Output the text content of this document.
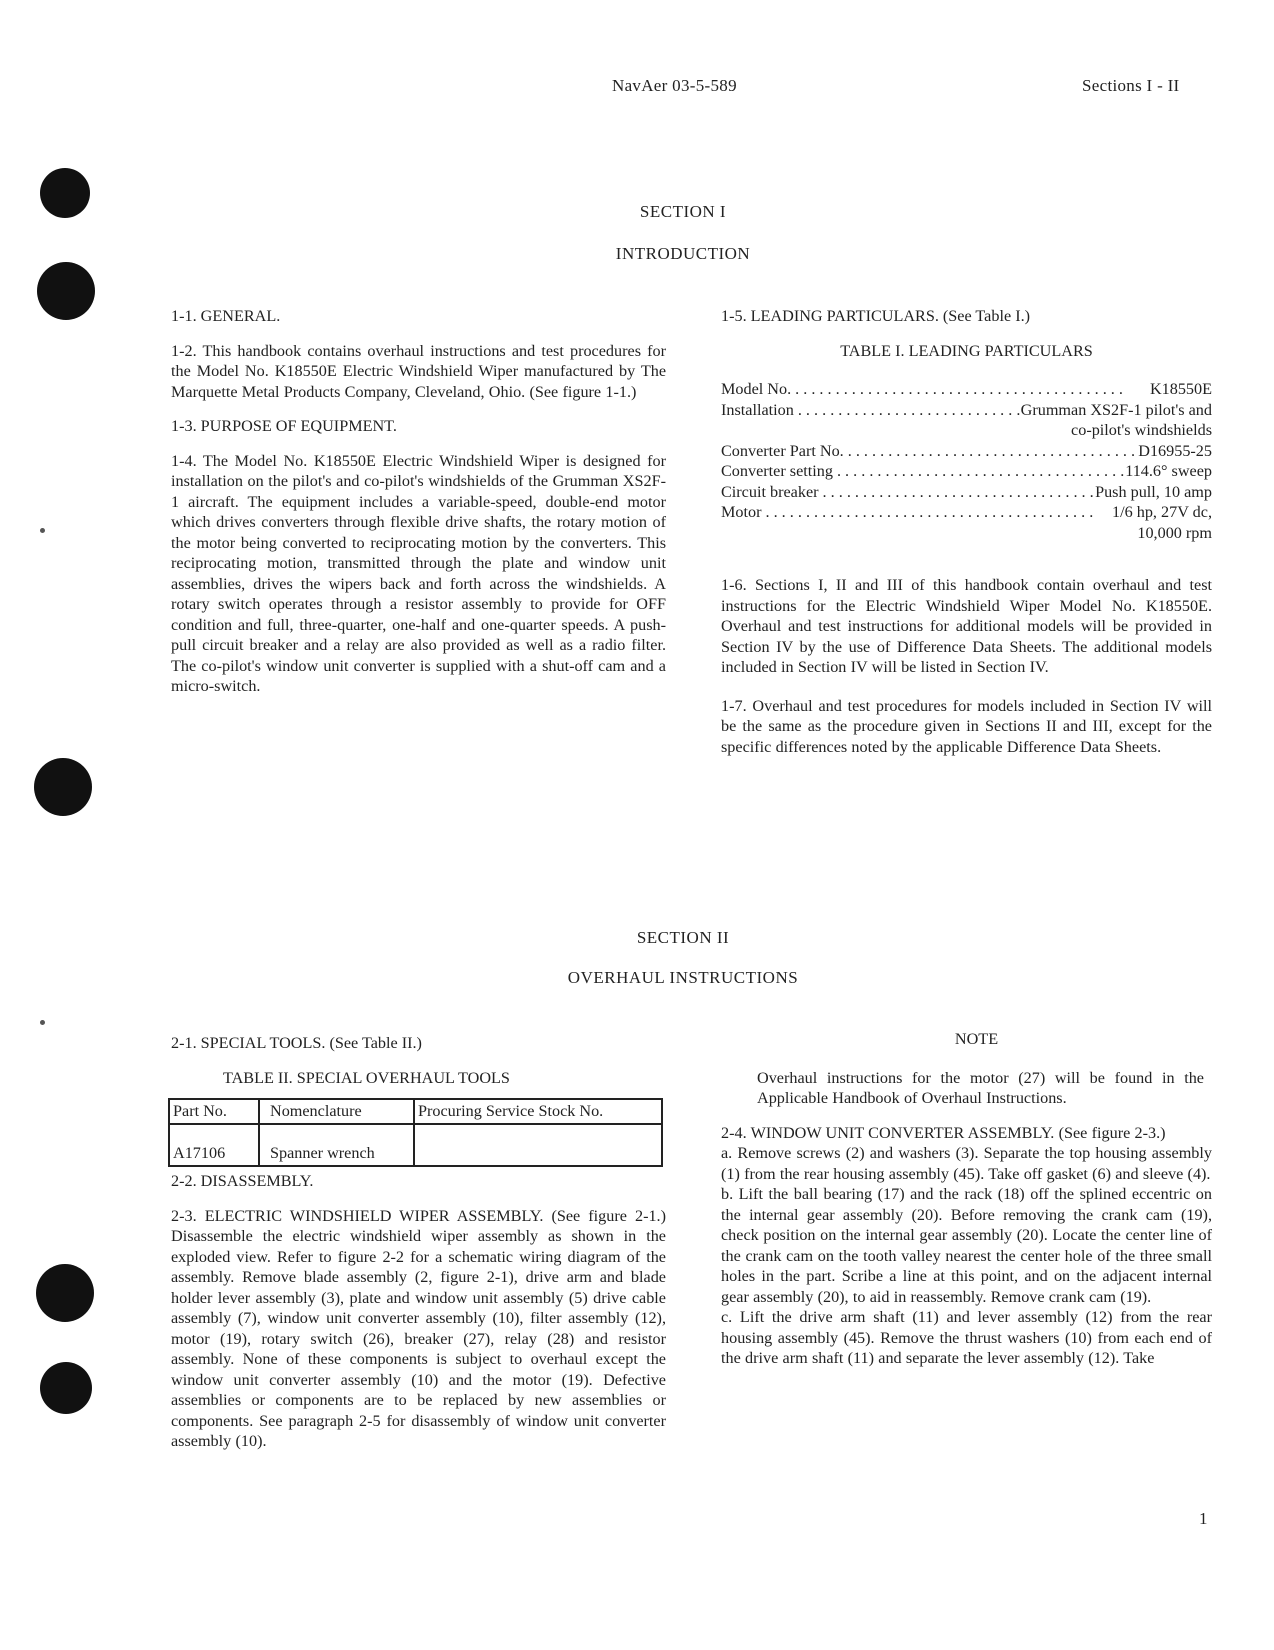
NavAer 03-5-589	Sections I - II
SECTION I
INTRODUCTION
1-1. GENERAL.

1-2. This handbook contains overhaul instructions and test procedures for the Model No. K18550E Electric Windshield Wiper manufactured by The Marquette Metal Products Company, Cleveland, Ohio. (See figure 1-1.)

1-3. PURPOSE OF EQUIPMENT.

1-4. The Model No. K18550E Electric Windshield Wiper is designed for installation on the pilot's and co-pilot's windshields of the Grumman XS2F-1 aircraft. The equipment includes a variable-speed, double-end motor which drives converters through flexible drive shafts, the rotary motion of the motor being converted to reciprocating motion by the converters. This reciprocating motion, transmitted through the plate and window unit assemblies, drives the wipers back and forth across the windshields. A rotary switch operates through a resistor assembly to provide for OFF condition and full, three-quarter, one-half and one-quarter speeds. A push-pull circuit breaker and a relay are also provided as well as a radio filter. The co-pilot's window unit converter is supplied with a shut-off cam and a micro-switch.

1-5. LEADING PARTICULARS. (See Table I.)
TABLE I. LEADING PARTICULARS
Model No. . . .	K18550E
Installation . . .	Grumman XS2F-1 pilot's and
co-pilot's windshields
Converter Part No. . . .	D16955-25
Converter setting . . .	114.6° sweep
Circuit breaker . . .	Push pull, 10 amp
Motor . . .	1/6 hp, 27V dc,
10,000 rpm

1-6. Sections I, II and III of this handbook contain overhaul and test instructions for the Electric Windshield Wiper Model No. K18550E. Overhaul and test instructions for additional models will be provided in Section IV by the use of Difference Data Sheets. The additional models included in Section IV will be listed in Section IV.

1-7. Overhaul and test procedures for models included in Section IV will be the same as the procedure given in Sections II and III, except for the specific differences noted by the applicable Difference Data Sheets.

SECTION II
OVERHAUL INSTRUCTIONS
2-1. SPECIAL TOOLS. (See Table II.)
TABLE II. SPECIAL OVERHAUL TOOLS
Part No.	Nomenclature	Procuring Service Stock No.
A17106	Spanner wrench	
2-2. DISASSEMBLY.

2-3. ELECTRIC WINDSHIELD WIPER ASSEMBLY. (See figure 2-1.) Disassemble the electric windshield wiper assembly as shown in the exploded view. Refer to figure 2-2 for a schematic wiring diagram of the assembly. Remove blade assembly (2, figure 2-1), drive arm and blade holder lever assembly (3), plate and window unit assembly (5) drive cable assembly (7), window unit converter assembly (10), filter assembly (12), motor (19), rotary switch (26), breaker (27), relay (28) and resistor assembly. None of these components is subject to overhaul except the window unit converter assembly (10) and the motor (19). Defective assemblies or components are to be replaced by new assemblies or components. See paragraph 2-5 for disassembly of window unit converter assembly (10).

NOTE

Overhaul instructions for the motor (27) will be found in the Applicable Handbook of Overhaul Instructions.

2-4. WINDOW UNIT CONVERTER ASSEMBLY. (See figure 2-3.)

a. Remove screws (2) and washers (3). Separate the top housing assembly (1) from the rear housing assembly (45). Take off gasket (6) and sleeve (4).

b. Lift the ball bearing (17) and the rack (18) off the splined eccentric on the internal gear assembly (20). Before removing the crank cam (19), check position on the internal gear assembly (20). Locate the center line of the crank cam on the tooth valley nearest the center hole of the three small holes in the part. Scribe a line at this point, and on the adjacent internal gear assembly (20), to aid in reassembly. Remove crank cam (19).

c. Lift the drive arm shaft (11) and lever assembly (12) from the rear housing assembly (45). Remove the thrust washers (10) from each end of the drive arm shaft (11) and separate the lever assembly (12). Take

1
